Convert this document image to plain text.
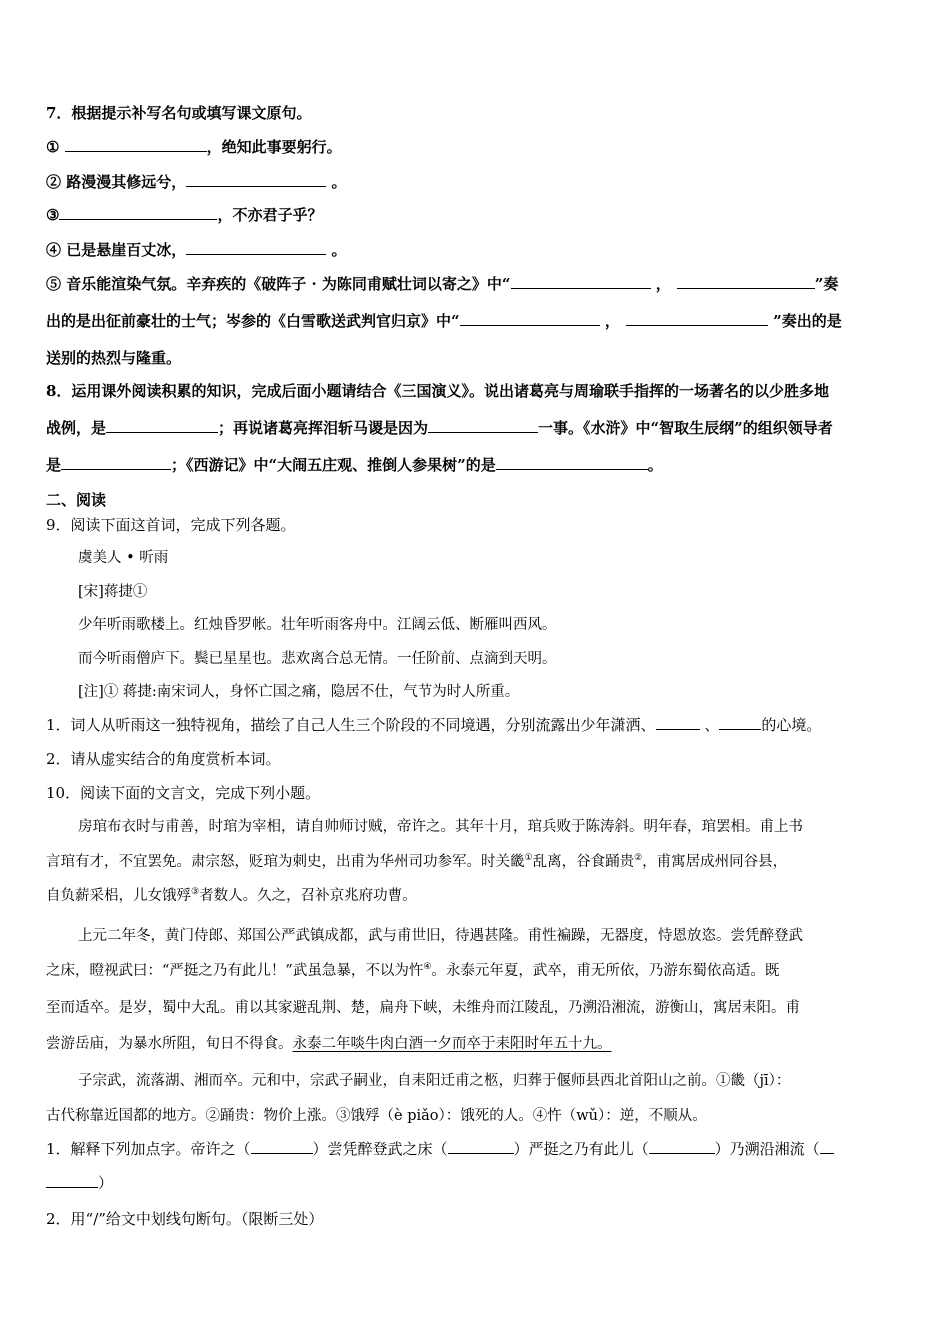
7．根据提示补写名句或填写课文原句。
①	，绝知此事要躬行。
② 路漫漫其修远兮，	。
③	，不亦君子乎？
④ 已是悬崖百丈冰，	。
⑤ 音乐能渲染气氛。辛弃疾的《破阵子 · 为陈同甫赋壮词以寄之》中“	，	”奏
出的是出征前豪壮的士气；岑参的《白雪歌送武判官归京》中“	，	”奏出的是
送别的热烈与隆重。
8．运用课外阅读积累的知识，完成后面小题请结合《三国演义》。说出诸葛亮与周瑜联手指挥的一场著名的以少胜多地
战例，是	；再说诸葛亮挥泪斩马谡是因为	一事。《水浒》中“智取生辰纲”的组织领导者
是	；《西游记》中“大闹五庄观、推倒人参果树”的是	。
二、阅读
9．阅读下面这首词，完成下列各题。
虞美人 • 听雨
[宋]蒋捷①
少年听雨歌楼上。红烛昏罗帐。壮年听雨客舟中。江阔云低、断雁叫西风。
而今听雨僧庐下。鬓已星星也。悲欢离合总无情。一任阶前、点滴到天明。
[注]① 蒋捷:南宋词人，身怀亡国之痛，隐居不仕，气节为时人所重。
1．词人从听雨这一独特视角，描绘了自己人生三个阶段的不同境遇，分别流露出少年潇洒、	、	的心境。
2．请从虚实结合的角度赏析本词。
10．阅读下面的文言文，完成下列小题。
房琯布衣时与甫善，时琯为宰相，请自帅师讨贼，帝许之。其年十月，琯兵败于陈涛斜。明年春，琯罢相。甫上书
言琯有才，不宜罢免。肃宗怒，贬琯为刺史，出甫为华州司功参军。时关畿①乱离，谷食踊贵②，甫寓居成州同谷县，
自负薪采梠，儿女饿殍③者数人。久之，召补京兆府功曹。
上元二年冬，黄门侍郎、郑国公严武镇成都，武与甫世旧，待遇甚隆。甫性褊躁，无器度，恃恩放恣。尝凭醉登武
之床，瞪视武曰：“严挺之乃有此儿！”武虽急暴，不以为忤④。永泰元年夏，武卒，甫无所依，乃游东蜀依高适。既
至而适卒。是岁，蜀中大乱。甫以其家避乱荆、楚，扁舟下峡，未维舟而江陵乱，乃溯沿湘流，游衡山，寓居耒阳。甫
尝游岳庙，为暴水所阻，旬日不得食。永泰二年啖牛肉白酒一夕而卒于耒阳时年五十九。
子宗武，流落湖、湘而卒。元和中，宗武子嗣业，自耒阳迁甫之柩，归葬于偃师县西北首阳山之前。①畿（jī）：
古代称靠近国都的地方。②踊贵：物价上涨。③饿殍（è piǎo）：饿死的人。④忤（wǔ）：逆，不顺从。
1．解释下列加点字。帝许之（	）尝凭醉登武之床（	）严挺之乃有此儿（	）乃溯沿湘流（
）
2．用“/”给文中划线句断句。（限断三处）
